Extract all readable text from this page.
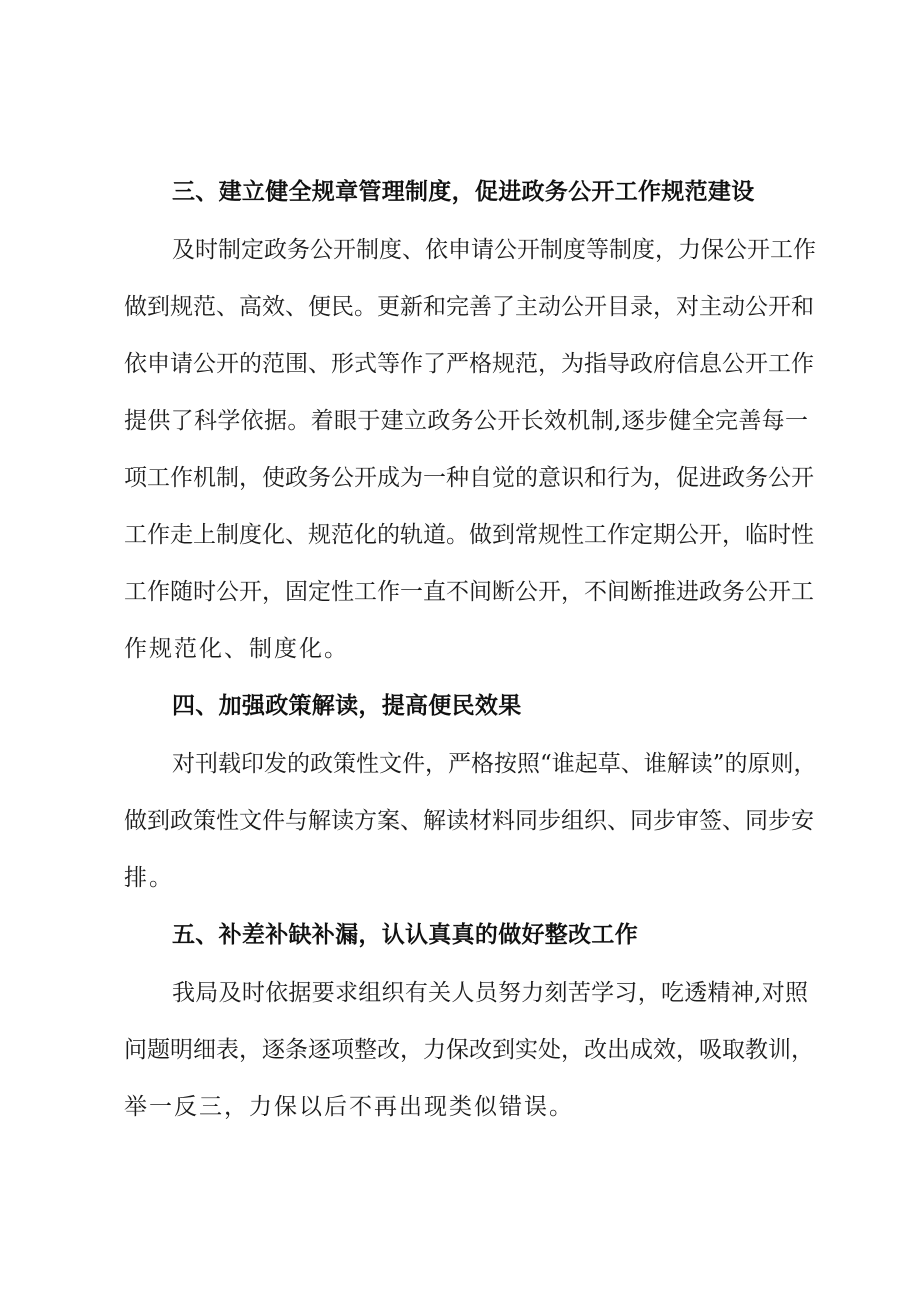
三、建立健全规章管理制度，促进政务公开工作规范建设
及时制定政务公开制度、依申请公开制度等制度，力保公开工作
做到规范、高效、便民。更新和完善了主动公开目录，对主动公开和
依申请公开的范围、形式等作了严格规范，为指导政府信息公开工作
提供了科学依据。着眼于建立政务公开长效机制,逐步健全完善每一
项工作机制，使政务公开成为一种自觉的意识和行为，促进政务公开
工作走上制度化、规范化的轨道。做到常规性工作定期公开，临时性
工作随时公开，固定性工作一直不间断公开，不间断推进政务公开工
作规范化、制度化。
四、加强政策解读，提高便民效果
对刊载印发的政策性文件，严格按照“谁起草、谁解读”的原则，
做到政策性文件与解读方案、解读材料同步组织、同步审签、同步安
排。
五、补差补缺补漏，认认真真的做好整改工作
我局及时依据要求组织有关人员努力刻苦学习，吃透精神,对照
问题明细表，逐条逐项整改，力保改到实处，改出成效，吸取教训，
举一反三，力保以后不再出现类似错误。
